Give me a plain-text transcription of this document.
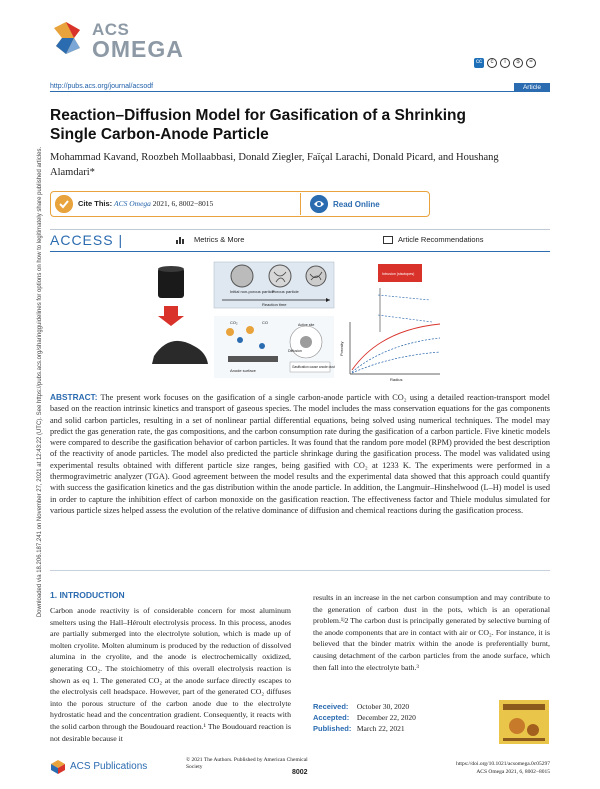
ACS
OMEGA	cc	c	i	$	=
http://pubs.acs.org/journal/acsodf	Article
Reaction–Diffusion Model for Gasification of a Shrinking Single Carbon-Anode Particle
Mohammad Kavand, Roozbeh Mollaabbasi, Donald Ziegler, Faïçal Larachi, Donald Picard, and Houshang Alamdari*
Cite This: ACS Omega 2021, 6, 8002−8015	Read Online
ACCESS |	Metrics & More	Article Recommendations
Initial non-porous particle
Porous particle
Reaction time
Intrusion (sisotopes)
CO₂	CO
Anode surface
Active site
Diffusion
Gasification cause anode dust
Porosity
Radius
ABSTRACT: The present work focuses on the gasification of a single carbon-anode particle with CO₂ using a detailed reaction-transport model based on the reaction intrinsic kinetics and transport of gaseous species. The model includes the mass conservation equations for the gas components and solid carbon particles, resulting in a set of nonlinear partial differential equations, being solved using numerical techniques. The model may predict the gas generation rate, the gas compositions, and the carbon consumption rate during the gasification of a carbon particle. Five kinetic models were compared to describe the gasification behavior of carbon particles. It was found that the random pore model (RPM) provided the best description of the reactivity of anode particles. The model also predicted the particle shrinkage during the gasification process. The model was validated using experimental results obtained with different particle size ranges, being gasified with CO₂ at 1233 K. The experiments were performed in a thermogravimetric analyzer (TGA). Good agreement between the model results and the experimental data showed that this approach could quantify with success the gasification kinetics and the gas distribution within the anode particle. In addition, the Langmuir–Hinshelwood (L–H) model is used in order to capture the inhibition effect of carbon monoxide on the gasification reaction. The effectiveness factor and Thiele modulus simulated for various particle sizes helped assess the evolution of the relative dominance of diffusion and chemical reactions during the gasification process.
Downloaded via 18.206.187.241 on November 27, 2021 at 12:43:22 (UTC). See https://pubs.acs.org/sharingguidelines for options on how to legitimately share published articles. 1. INTRODUCTION
Carbon anode reactivity is of considerable concern for most aluminum smelters using the Hall–Héroult electrolysis process. In this process, anodes are partially submerged into the electrolyte solution, which is made up of molten cryolite. Molten aluminum is produced by the reduction of dissolved alumina in the cryolite, and the anode is electrochemically oxidized, generating CO₂. The stoichiometry of this overall electrolysis reaction is shown as eq 1. The generated CO₂ at the anode surface directly escapes to the electrolysis cell headspace. However, part of the generated CO₂ diffuses into the porous structure of the carbon anode due to the electrolyte hydrostatic head and the concentration gradient. Consequently, it reacts with the solid carbon through the Boudouard reaction.¹ The Boudouard reaction is not desirable because it
results in an increase in the net carbon consumption and may contribute to the generation of carbon dust in the pots, which is an operational problem.¹ʲ2 The carbon dust is principally generated by selective burning of the anode components that are in contact with air or CO₂. For instance, it is believed that the binder matrix within the anode is preferentially burnt, causing detachment of the carbon particles from the anode surface, which then fall into the electrolyte bath.³
Received: October 30, 2020
Accepted: December 22, 2020
Published: March 22, 2021
ACS Publications
© 2021 The Authors. Published by American Chemical Society
8002
https://doi.org/10.1021/acsomega.0c05297
ACS Omega 2021, 6, 8002−8015
